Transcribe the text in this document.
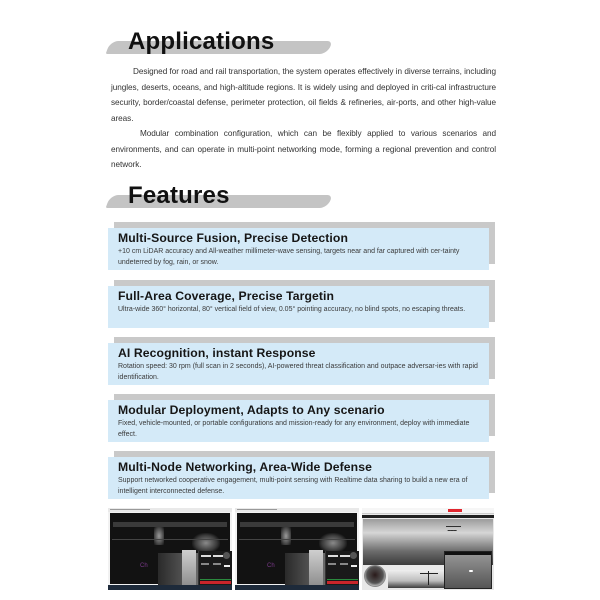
Applications

Designed for road and rail transportation, the system operates effectively in diverse terrains, including jungles, deserts, oceans, and high-altitude regions. It is widely using and deployed in criti-cal infrastructure security, border/coastal defense, perimeter protection, oil fields & refineries, air-ports, and other high-value areas.

Modular combination configuration, which can be flexibly applied to various scenarios and environments, and can operate in multi-point networking mode, forming a regional prevention and control network.

Features
Multi-Source Fusion, Precise Detection
+10 cm LiDAR accuracy and All-weather millimeter-wave sensing, targets near and far captured with cer-tainty undeterred by fog, rain, or snow.
Full-Area Coverage, Precise Targetin
Ultra-wide 360° horizontal, 80° vertical field of view, 0.05° pointing accuracy, no blind spots, no escaping threats.
AI Recognition, instant Response
Rotation speed: 30 rpm (full scan in 2 seconds), AI-powered threat classification and outpace adversar-ies with rapid identification.
Modular Deployment, Adapts to Any scenario
Fixed, vehicle-mounted, or portable configurations and mission-ready for any environment, deploy with immediate effect.
Multi-Node Networking, Area-Wide Defense
Support networked cooperative engagement, multi-point sensing with Realtime data sharing to build a new era of intelligent interconnected defense.
Ch	Ch
▬▬▬▬▬
▬▬▬
